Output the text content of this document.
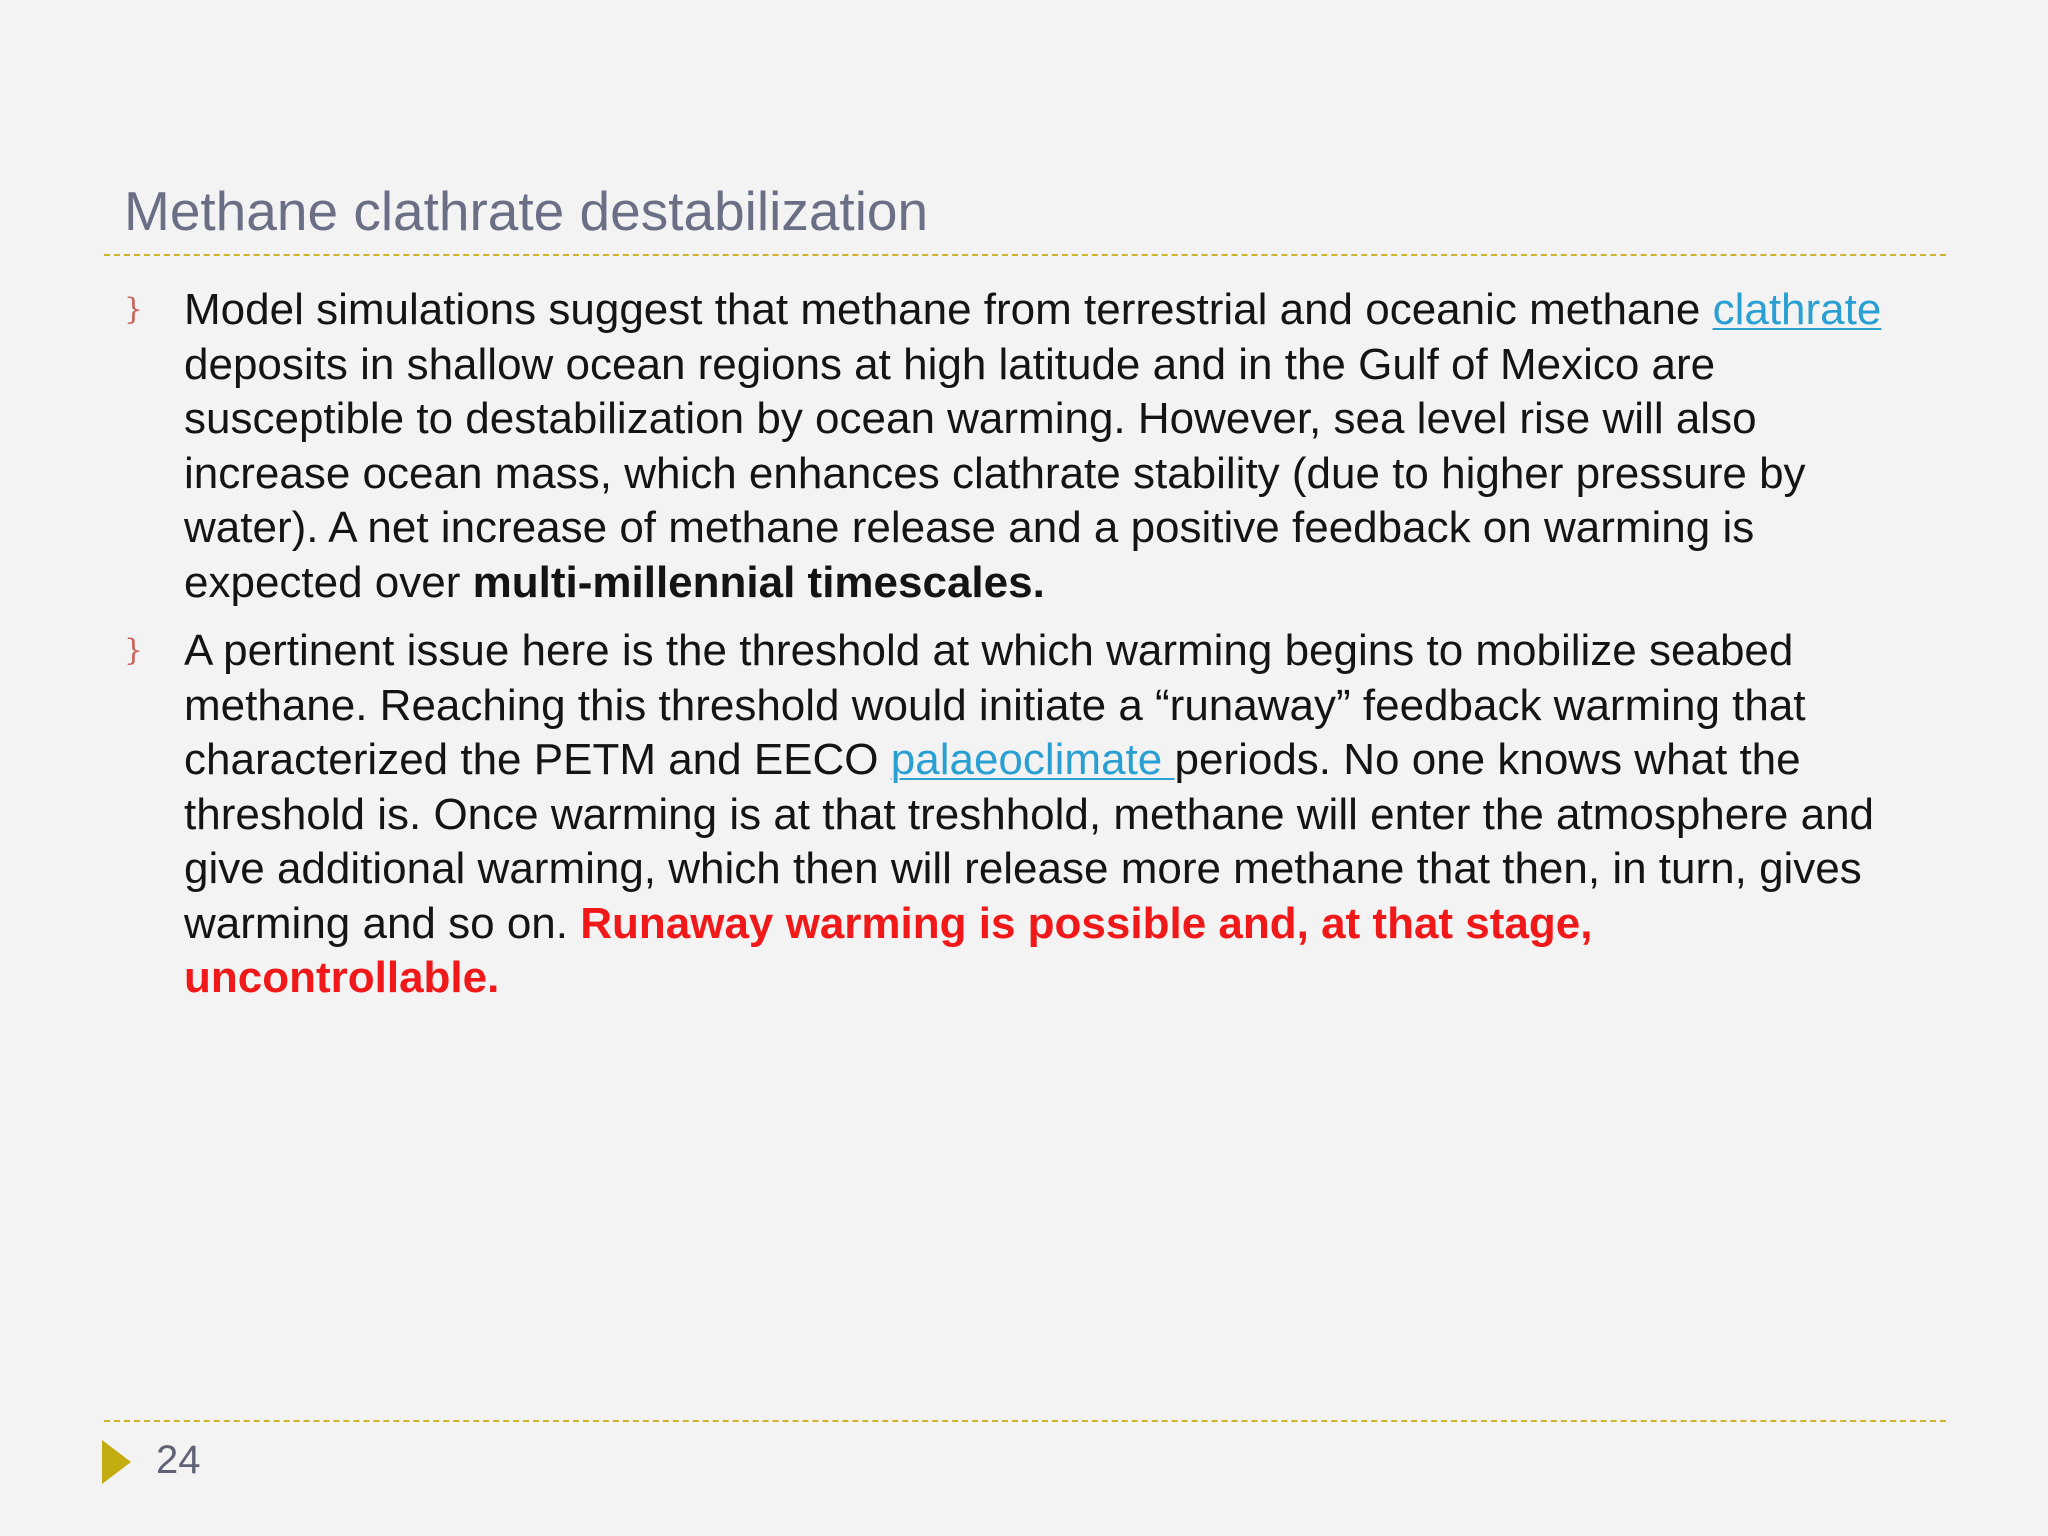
Methane clathrate destabilization
} Model simulations suggest that methane from terrestrial and oceanic methane clathrate deposits in shallow ocean regions at high latitude and in the Gulf of Mexico are susceptible to destabilization by ocean warming. However, sea level rise will also increase ocean mass, which enhances clathrate stability (due to higher pressure by water). A net increase of methane release and a positive feedback on warming is expected over multi-millennial timescales.
} A pertinent issue here is the threshold at which warming begins to mobilize seabed methane. Reaching this threshold would initiate a “runaway” feedback warming that characterized the PETM and EECO palaeoclimate periods. No one knows what the threshold is. Once warming is at that treshhold, methane will enter the atmosphere and give additional warming, which then will release more methane that then, in turn, gives warming and so on. Runaway warming is possible and, at that stage, uncontrollable.
24
